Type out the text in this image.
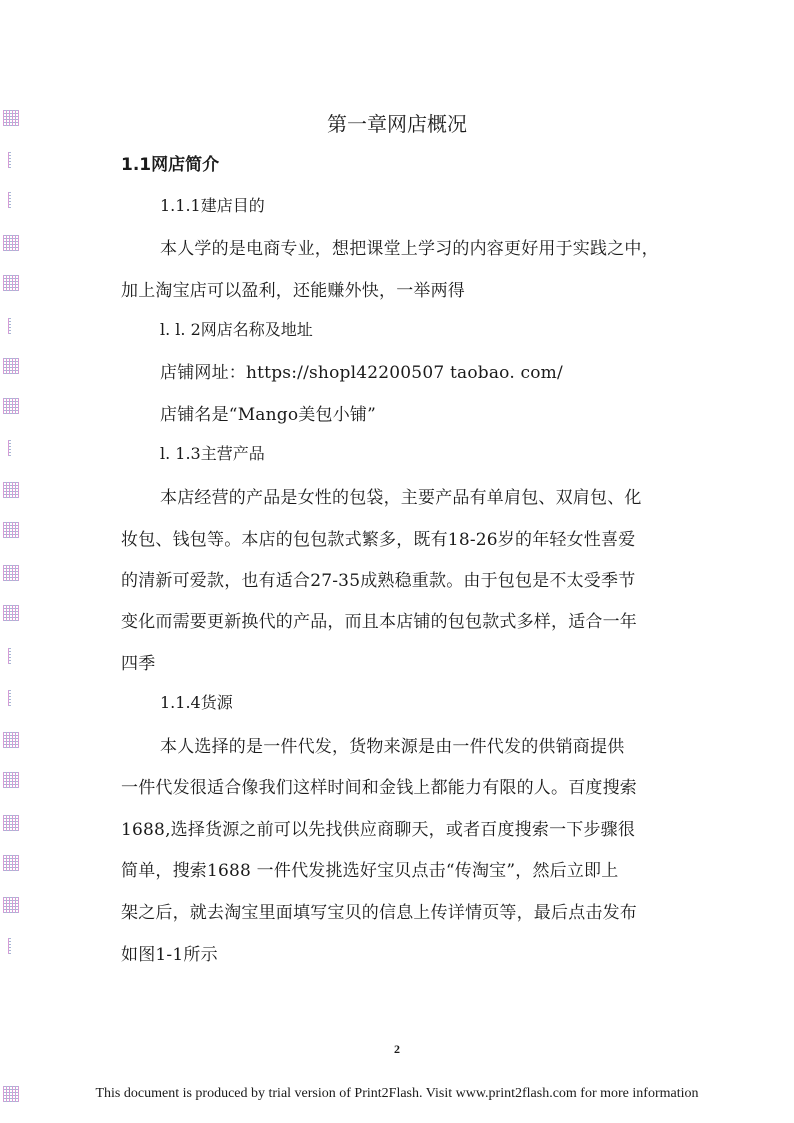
第一章网店概况
1.1网店简介
1.1.1建店目的
本人学的是电商专业，想把课堂上学习的内容更好用于实践之中，
加上淘宝店可以盈利，还能赚外快，一举两得
l. l. 2网店名称及地址
店铺网址：https://shopl42200507 taobao. com/
店铺名是“Mango美包小铺”
l. 1.3主营产品
本店经营的产品是女性的包袋，主要产品有单肩包、双肩包、化
妆包、钱包等。本店的包包款式繁多，既有18-26岁的年轻女性喜爱
的清新可爱款，也有适合27-35成熟稳重款。由于包包是不太受季节
变化而需要更新换代的产品，而且本店铺的包包款式多样，适合一年
四季
1.1.4货源
本人选择的是一件代发，货物来源是由一件代发的供销商提供
一件代发很适合像我们这样时间和金钱上都能力有限的人。百度搜索
1688,选择货源之前可以先找供应商聊天，或者百度搜索一下步骤很
简单，搜索1688 一件代发挑选好宝贝点击“传淘宝”，然后立即上
架之后，就去淘宝里面填写宝贝的信息上传详情页等，最后点击发布
如图1-1所示
2
This document is produced by trial version of Print2Flash. Visit www.print2flash.com for more information
